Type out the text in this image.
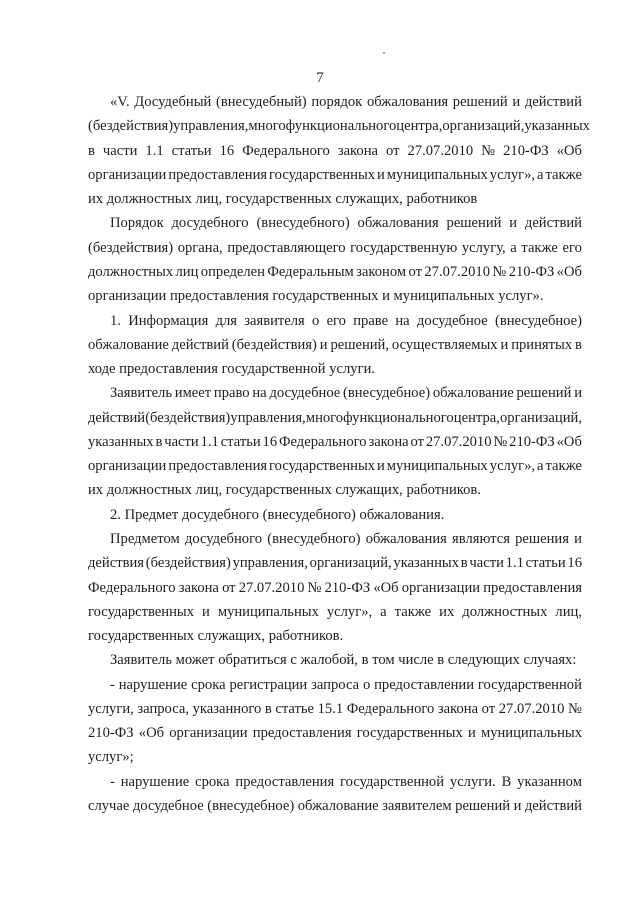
7
«V. Досудебный (внесудебный) порядок обжалования решений и действий
(бездействия) управления, многофункционального центра, организаций, указанных
в части 1.1 статьи 16 Федерального закона от 27.07.2010 № 210-ФЗ «Об
организации предоставления государственных и муниципальных услуг», а также
их должностных лиц, государственных служащих, работников
Порядок досудебного (внесудебного) обжалования решений и действий
(бездействия) органа, предоставляющего государственную услугу, а также его
должностных лиц определен Федеральным законом от 27.07.2010 № 210-ФЗ «Об
организации предоставления государственных и муниципальных услуг».
1. Информация для заявителя о его праве на досудебное (внесудебное)
обжалование действий (бездействия) и решений, осуществляемых и принятых в
ходе предоставления государственной услуги.
Заявитель имеет право на досудебное (внесудебное) обжалование решений и
действий (бездействия) управления, многофункционального центра, организаций,
указанных в части 1.1 статьи 16 Федерального закона от 27.07.2010 № 210-ФЗ «Об
организации предоставления государственных и муниципальных услуг», а также
их должностных лиц, государственных служащих, работников.
2. Предмет досудебного (внесудебного) обжалования.
Предметом досудебного (внесудебного) обжалования являются решения и
действия (бездействия) управления, организаций, указанных в части 1.1 статьи 16
Федерального закона от 27.07.2010 № 210-ФЗ «Об организации предоставления
государственных и муниципальных услуг», а также их должностных лиц,
государственных служащих, работников.
Заявитель может обратиться с жалобой, в том числе в следующих случаях:
- нарушение срока регистрации запроса о предоставлении государственной
услуги, запроса, указанного в статье 15.1 Федерального закона от 27.07.2010 №
210-ФЗ «Об организации предоставления государственных и муниципальных
услуг»;
- нарушение срока предоставления государственной услуги. В указанном
случае досудебное (внесудебное) обжалование заявителем решений и действий
